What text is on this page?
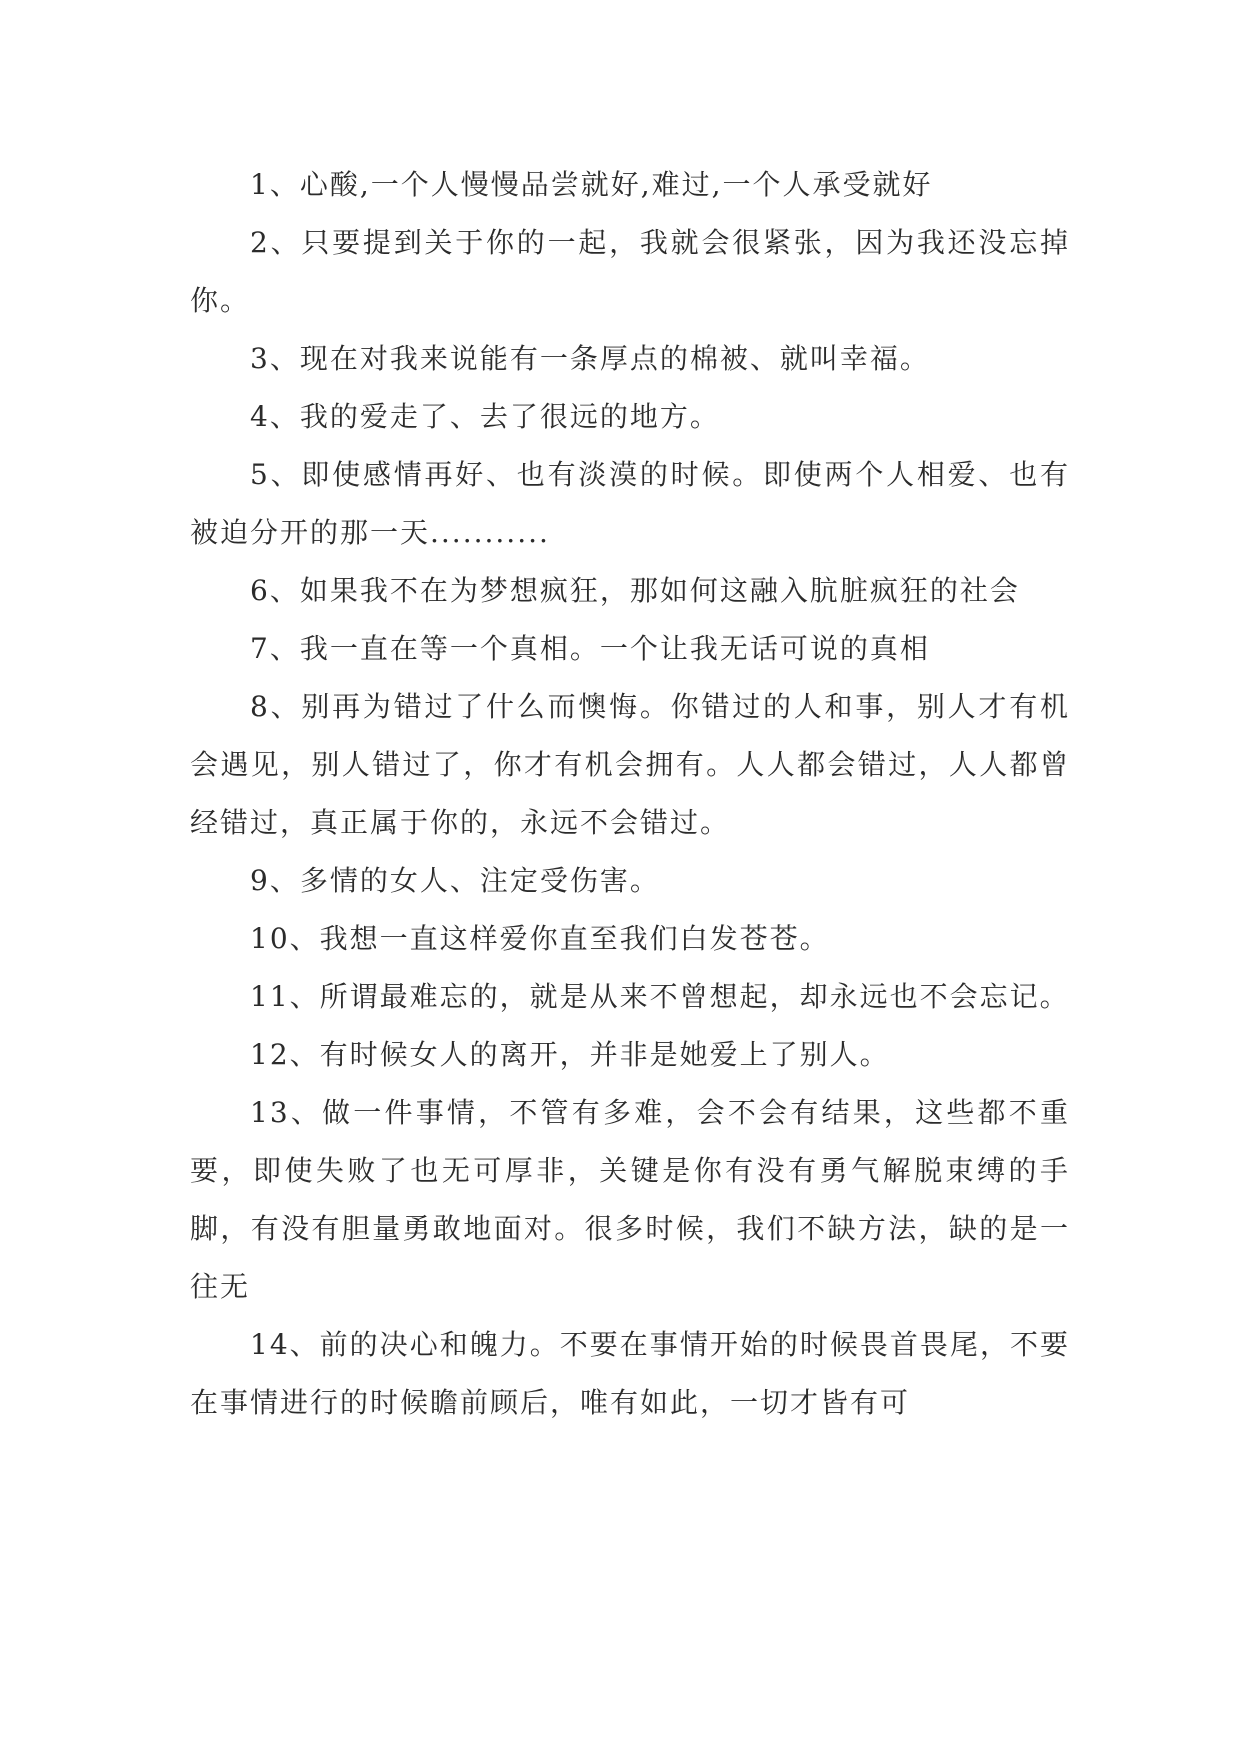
1、心酸,一个人慢慢品尝就好,难过,一个人承受就好

2、只要提到关于你的一起，我就会很紧张，因为我还没忘掉你。

3、现在对我来说能有一条厚点的棉被、就叫幸福。

4、我的爱走了、去了很远的地方。

5、即使感情再好、也有淡漠的时候。即使两个人相爱、也有被迫分开的那一天...........

6、如果我不在为梦想疯狂，那如何这融入肮脏疯狂的社会

7、我一直在等一个真相。一个让我无话可说的真相

8、别再为错过了什么而懊悔。你错过的人和事，别人才有机会遇见，别人错过了，你才有机会拥有。人人都会错过，人人都曾经错过，真正属于你的，永远不会错过。

9、多情的女人、注定受伤害。

10、我想一直这样爱你直至我们白发苍苍。

11、所谓最难忘的，就是从来不曾想起，却永远也不会忘记。

12、有时候女人的离开，并非是她爱上了别人。

13、做一件事情，不管有多难，会不会有结果，这些都不重要，即使失败了也无可厚非，关键是你有没有勇气解脱束缚的手脚，有没有胆量勇敢地面对。很多时候，我们不缺方法，缺的是一往无

14、前的决心和魄力。不要在事情开始的时候畏首畏尾，不要在事情进行的时候瞻前顾后，唯有如此，一切才皆有可
